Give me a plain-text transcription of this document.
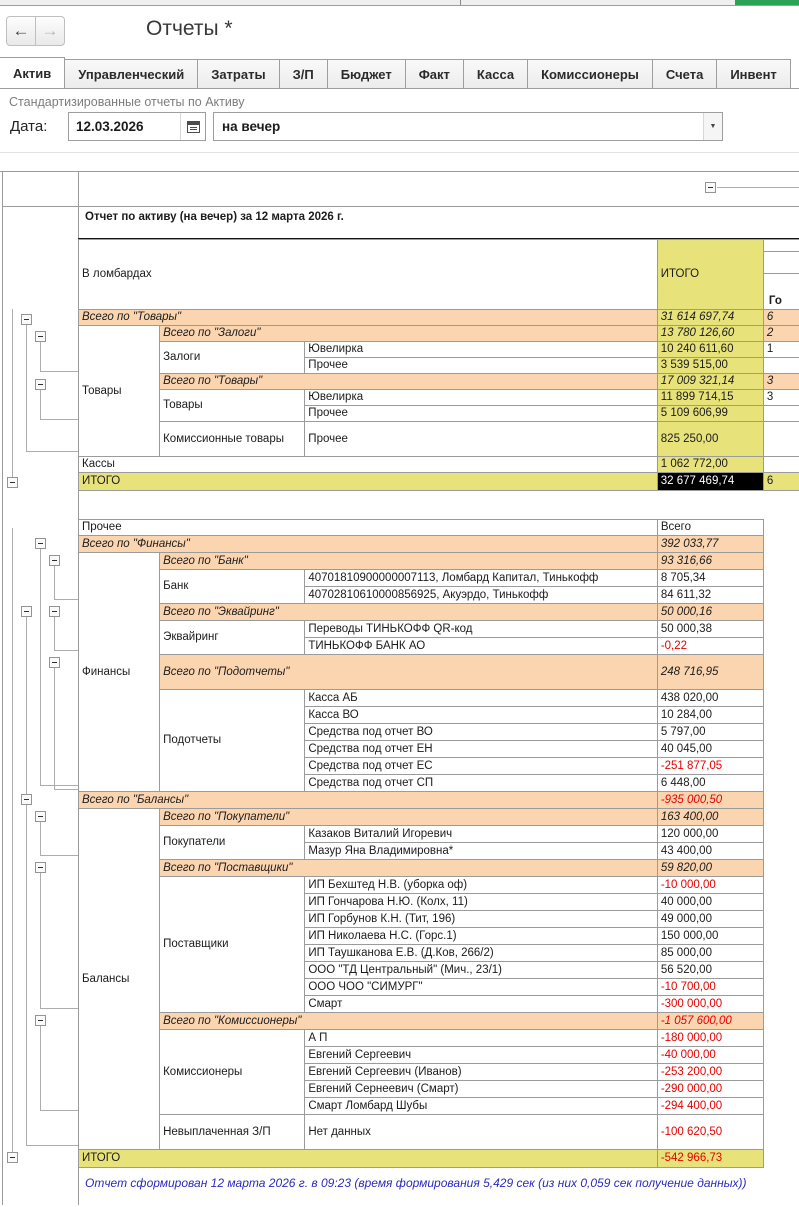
← →	Отчеты *
Актив	Управленческий	Затраты	З/П	Бюджет	Факт	Касса	Комиссионеры	Счета	Инвент
Стандартизированные отчеты по Активу
Дата:	12.03.2026	на вечер	▼
Отчет по активу (на вечер) за 12 марта 2026 г.
В ломбардах			ИТОГО	Го

Всего по "Товары"			31 614 697,74	6
Товары	Всего по "Залоги"		13 780 126,60	2
	Залоги	Ювелирка	10 240 611,60	1
		Прочее	3 539 515,00	
	Всего по "Товары"		17 009 321,14	3
	Товары	Ювелирка	11 899 714,15	3
		Прочее	5 109 606,99	
	Комиссионные товары	Прочее	825 250,00	
Кассы			1 062 772,00	
ИТОГО			32 677 469,74	6
Прочее			Всего
Всего по "Финансы"			392 033,77
Финансы	Всего по "Банк"		93 316,66
	Банк	40701810900000007113, Ломбард Капитал, Тинькофф	8 705,34
		40702810610000856925, Акуэрдо, Тинькофф	84 611,32
	Всего по "Эквайринг"		50 000,16
	Эквайринг	Переводы ТИНЬКОФФ QR-код	50 000,38
		ТИНЬКОФФ БАНК АО	-0,22
	Всего по "Подотчеты"		248 716,95
	Подотчеты	Касса АБ	438 020,00
		Касса ВО	10 284,00
		Средства под отчет ВО	5 797,00
		Средства под отчет ЕН	40 045,00
		Средства под отчет ЕС	-251 877,05
		Средства под отчет СП	6 448,00
Всего по "Балансы"			-935 000,50
Балансы	Всего по "Покупатели"		163 400,00
	Покупатели	Казаков Виталий Игоревич	120 000,00
		Мазур Яна Владимировна*	43 400,00
	Всего по "Поставщики"		59 820,00
	Поставщики	ИП Бехштед Н.В. (уборка оф)	-10 000,00
		ИП Гончарова Н.Ю. (Колх, 11)	40 000,00
		ИП Горбунов К.Н. (Тит, 196)	49 000,00
		ИП Николаева Н.С. (Горс.1)	150 000,00
		ИП Таушканова Е.В. (Д.Ков, 266/2)	85 000,00
		ООО "ТД Центральный" (Мич., 23/1)	56 520,00
		ООО ЧОО "СИМУРГ"	-10 700,00
		Смарт	-300 000,00
	Всего по "Комиссионеры"		-1 057 600,00
	Комиссионеры	А П	-180 000,00
		Евгений Сергеевич	-40 000,00
		Евгений Сергеевич (Иванов)	-253 200,00
		Евгений Сернеевич (Смарт)	-290 000,00
		Смарт Ломбард Шубы	-294 400,00
	Невыплаченная З/П	Нет данных	-100 620,50
ИТОГО			-542 966,73
Отчет сформирован 12 марта 2026 г. в 09:23 (время формирования 5,429 сек (из них 0,059 сек получение данных))
